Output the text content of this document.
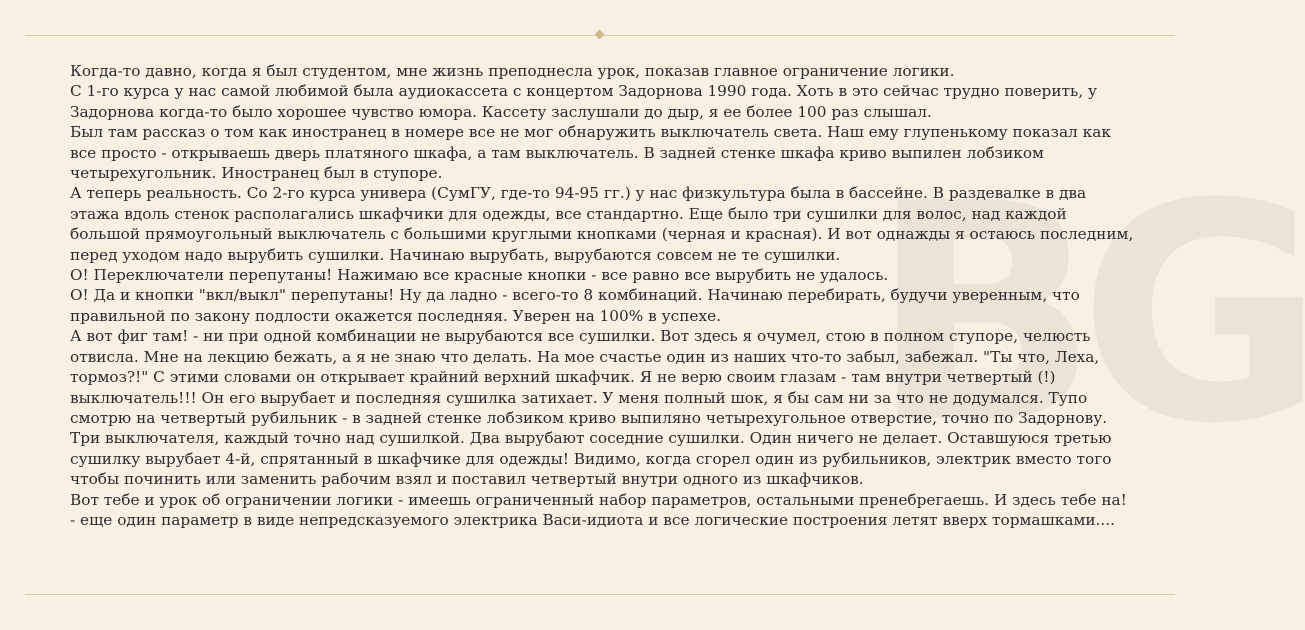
BG

Когда-то давно, когда я был студентом, мне жизнь преподнесла урок, показав главное ограничение логики.

С 1-го курса у нас самой любимой была аудиокассета с концертом Задорнова 1990 года. Хоть в это сейчас трудно поверить, у Задорнова когда-то было хорошее чувство юмора. Кассету заслушали до дыр, я ее более 100 раз слышал.

Был там рассказ о том как иностранец в номере все не мог обнаружить выключатель света. Наш ему глупенькому показал как все просто - открываешь дверь платяного шкафа, а там выключатель. В задней стенке шкафа криво выпилен лобзиком четырехугольник. Иностранец был в ступоре.

А теперь реальность. Со 2-го курса универа (СумГУ, где-то 94-95 гг.) у нас физкультура была в бассейне. В раздевалке в два этажа вдоль стенок располагались шкафчики для одежды, все стандартно. Еще было три сушилки для волос, над каждой большой прямоугольный выключатель с большими круглыми кнопками (черная и красная). И вот однажды я остаюсь последним, перед уходом надо вырубить сушилки. Начинаю вырубать, вырубаются совсем не те сушилки.

О! Переключатели перепутаны! Нажимаю все красные кнопки - все равно все вырубить не удалось.

О! Да и кнопки "вкл/выкл" перепутаны! Ну да ладно - всего-то 8 комбинаций. Начинаю перебирать, будучи уверенным, что правильной по закону подлости окажется последняя. Уверен на 100% в успехе.

А вот фиг там! - ни при одной комбинации не вырубаются все сушилки. Вот здесь я очумел, стою в полном ступоре, челюсть отвисла. Мне на лекцию бежать, а я не знаю что делать. На мое счастье один из наших что-то забыл, забежал. "Ты что, Леха, тормоз?!" С этими словами он открывает крайний верхний шкафчик. Я не верю своим глазам - там внутри четвертый (!) выключатель!!! Он его вырубает и последняя сушилка затихает. У меня полный шок, я бы сам ни за что не додумался. Тупо смотрю на четвертый рубильник - в задней стенке лобзиком криво выпиляно четырехугольное отверстие, точно по Задорнову. Три выключателя, каждый точно над сушилкой. Два вырубают соседние сушилки. Один ничего не делает. Оставшуюся третью сушилку вырубает 4-й, спрятанный в шкафчике для одежды! Видимо, когда сгорел один из рубильников, электрик вместо того чтобы починить или заменить рабочим взял и поставил четвертый внутри одного из шкафчиков.

Вот тебе и урок об ограничении логики - имеешь ограниченный набор параметров, остальными пренебрегаешь. И здесь тебе на! - еще один параметр в виде непредсказуемого электрика Васи-идиота и все логические построения летят вверх тормашками....
